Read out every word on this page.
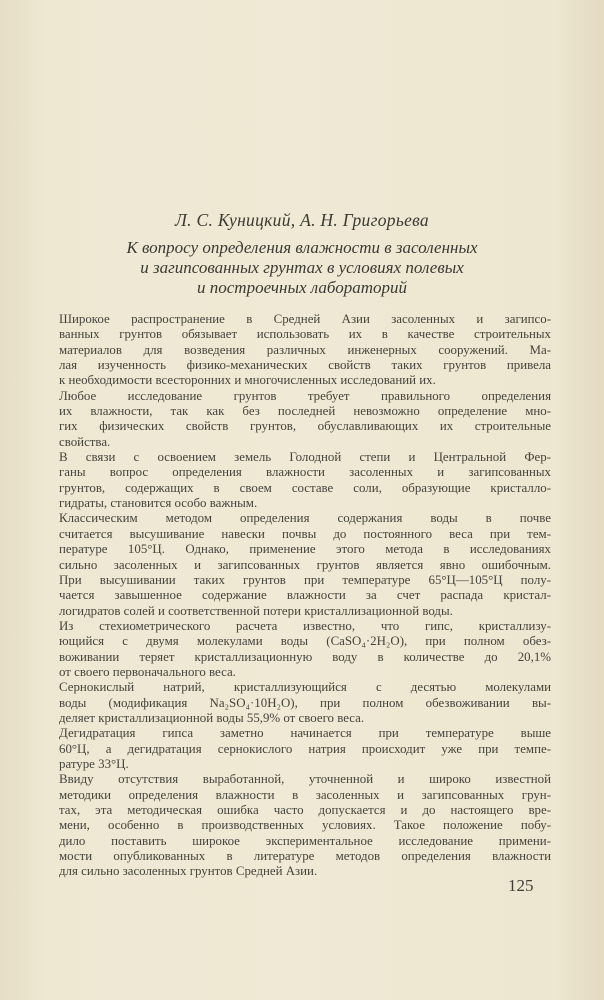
Л. С. Куницкий, А. Н. Григорьева
К вопросу определения влажности в засоленных
и загипсованных грунтах в условиях полевых
и построечных лабораторий
Широкое распространение в Средней Азии засоленных и загипсо-
ванных грунтов обязывает использовать их в качестве строительных
материалов для возведения различных инженерных сооружений. Ма-
лая изученность физико-механических свойств таких грунтов привела
к необходимости всесторонних и многочисленных исследований их.
Любое исследование грунтов требует правильного определения
их влажности, так как без последней невозможно определение мно-
гих физических свойств грунтов, обуславливающих их строительные
свойства.
В связи с освоением земель Голодной степи и Центральной Фер-
ганы вопрос определения влажности засоленных и загипсованных
грунтов, содержащих в своем составе соли, образующие кристалло-
гидраты, становится особо важным.
Классическим методом определения содержания воды в почве
считается высушивание навески почвы до постоянного веса при тем-
пературе 105°Ц. Однако, применение этого метода в исследованиях
сильно засоленных и загипсованных грунтов является явно ошибочным.
При высушивании таких грунтов при температуре 65°Ц—105°Ц полу-
чается завышенное содержание влажности за счет распада кристал-
логидратов солей и соответственной потери кристаллизационной воды.
Из стехиометрического расчета известно, что гипс, кристаллизу-
ющийся с двумя молекулами воды (CaSO₄·2H₂O), при полном обез-
воживании теряет кристаллизационную воду в количестве до 20,1%
от своего первоначального веса.
Сернокислый натрий, кристаллизующийся с десятью молекулами
воды (модификация Na₂SO₄·10H₂O), при полном обезвоживании вы-
деляет кристаллизационной воды 55,9% от своего веса.
Дегидратация гипса заметно начинается при температуре выше
60°Ц, а дегидратация сернокислого натрия происходит уже при темпе-
ратуре 33°Ц.
Ввиду отсутствия выработанной, уточненной и широко известной
методики определения влажности в засоленных и загипсованных грун-
тах, эта методическая ошибка часто допускается и до настоящего вре-
мени, особенно в производственных условиях. Такое положение побу-
дило поставить широкое экспериментальное исследование примени-
мости опубликованных в литературе методов определения влажности
для сильно засоленных грунтов Средней Азии.
125
